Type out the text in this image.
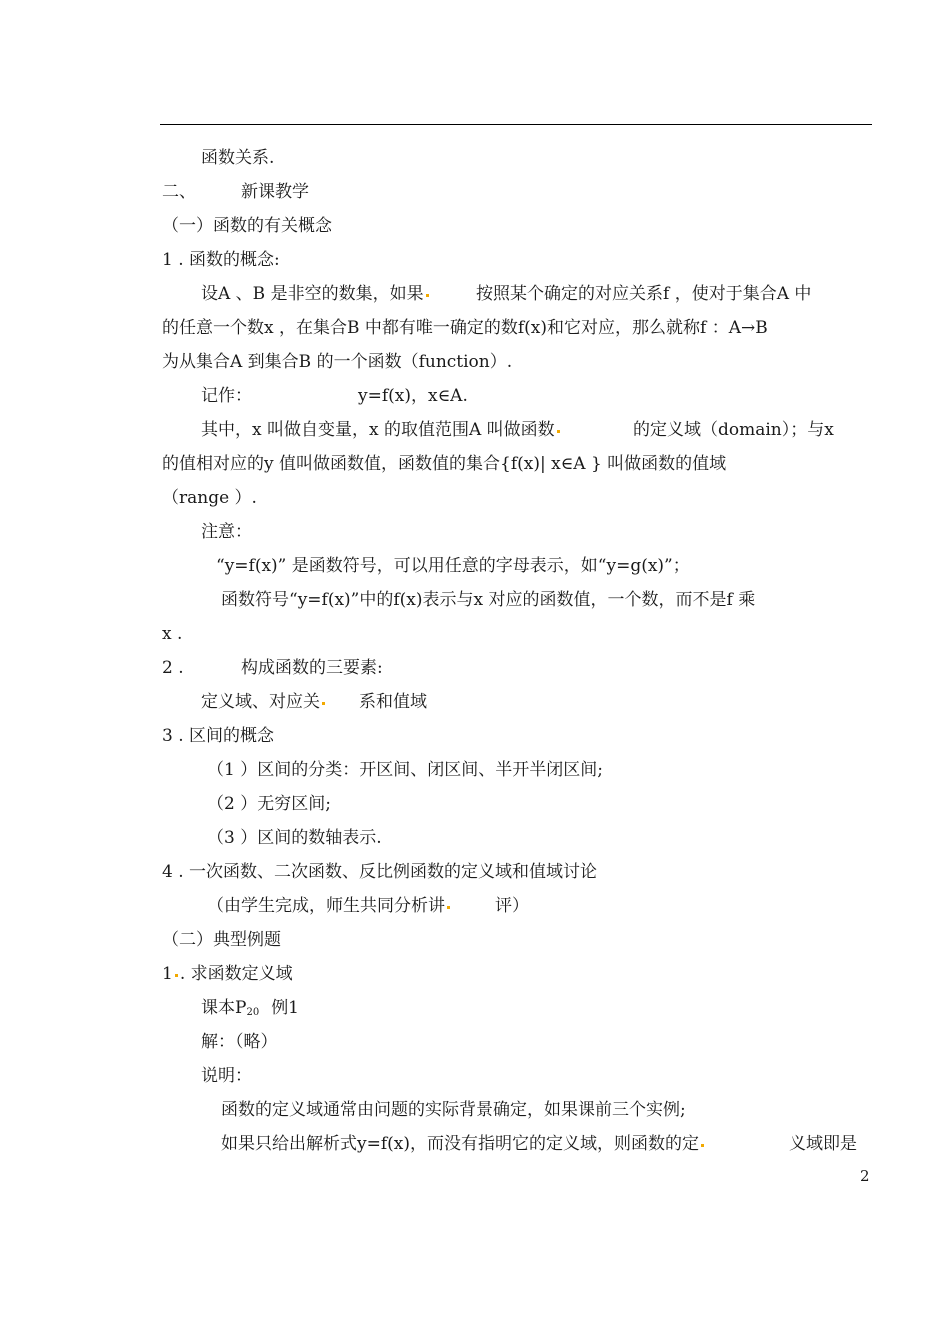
函数关系.
二、	新课教学
（一）函数的有关概念
1 . 函数的概念:
设A 、B 是非空的数集，如果	按照某个确定的对应关系f ，使对于集合A 中
的任意一个数x ，在集合B 中都有唯一确定的数f(x)和它对应，那么就称f ：A→B
为从集合A 到集合B 的一个函数（function）.
记作：	y=f(x)，x∈A.
其中，x 叫做自变量，x 的取值范围A 叫做函数	的定义域（domain）；与x
的值相对应的y 值叫做函数值，函数值的集合{f(x)| x∈A } 叫做函数的值域
（range ）.
注意：
“y=f(x)” 是函数符号，可以用任意的字母表示，如“y=g(x)”；
函数符号“y=f(x)”中的f(x)表示与x 对应的函数值，一个数，而不是f 乘
x .
2 .	构成函数的三要素:
定义域、对应关	系和值域
3 . 区间的概念
（1 ）区间的分类：开区间、闭区间、半开半闭区间;
（2 ）无穷区间;
（3 ）区间的数轴表示.
4 . 一次函数、二次函数、反比例函数的定义域和值域讨论
（由学生完成，师生共同分析讲	评）
（二）典型例题
1 . 求函数定义域
课本$P_{20}$ 例1
解：（略）
说明：
函数的定义域通常由问题的实际背景确定，如果课前三个实例;
如果只给出解析式y=f(x)，而没有指明它的定义域，则函数的定	义域即是
2
